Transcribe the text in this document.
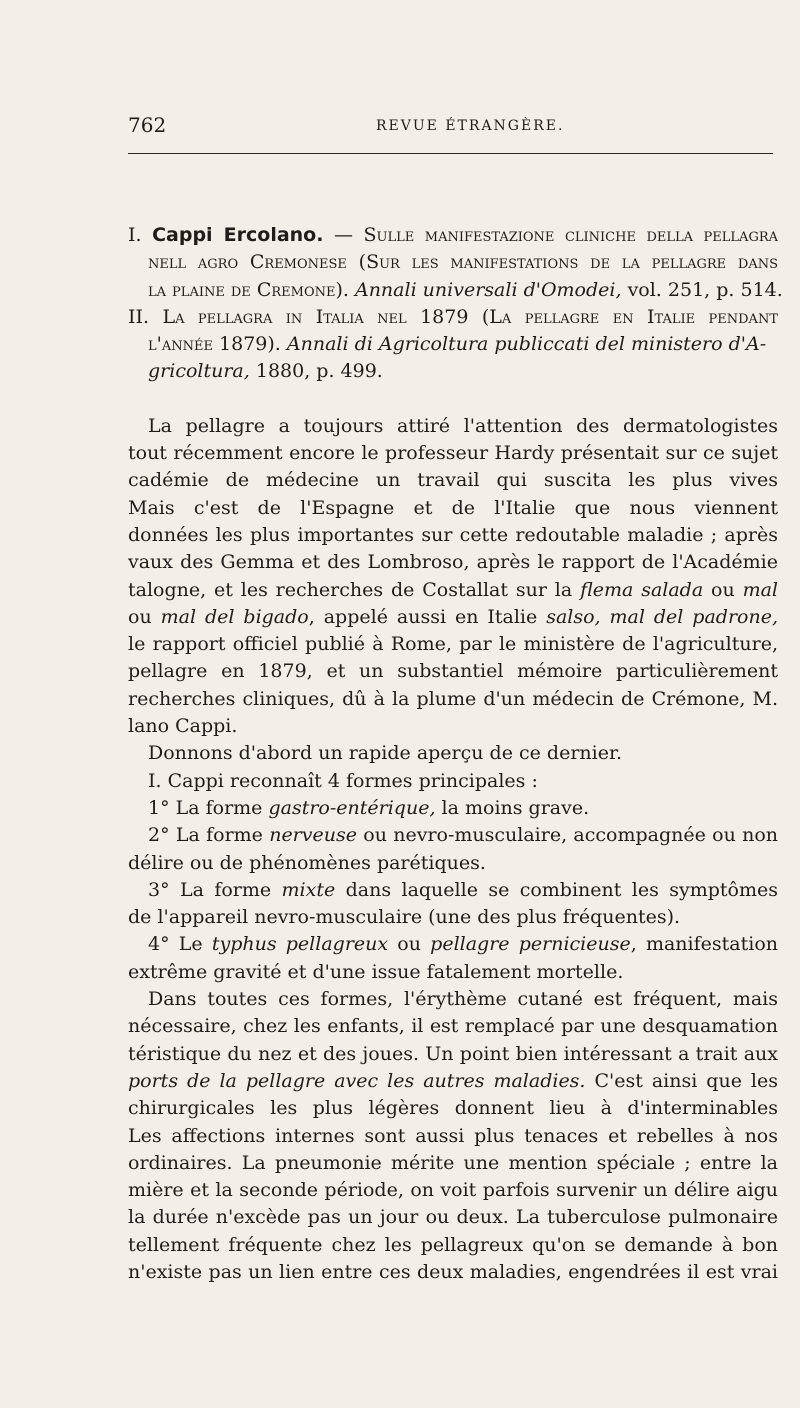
762	REVUE ÉTRANGÈRE.
I. Cappi Ercolano. — Sulle manifestazione cliniche della pellagra
nell agro Cremonese (Sur les manifestations de la pellagre dans
la plaine de Cremone). Annali universali d'Omodei, vol. 251, p. 514.
II. La pellagra in Italia nel 1879 (La pellagre en Italie pendant
l'année 1879). Annali di Agricoltura publiccati del ministero d'A-
gricoltura, 1880, p. 499.
La pellagre a toujours attiré l'attention des dermatologistes
tout récemment encore le professeur Hardy présentait sur ce sujet
cadémie de médecine un travail qui suscita les plus vives
Mais c'est de l'Espagne et de l'Italie que nous viennent
données les plus importantes sur cette redoutable maladie ; après
vaux des Gemma et des Lombroso, après le rapport de l'Académie
talogne, et les recherches de Costallat sur la flema salada ou mal
ou mal del bigado, appelé aussi en Italie salso, mal del padrone,
le rapport officiel publié à Rome, par le ministère de l'agriculture,
pellagre en 1879, et un substantiel mémoire particulièrement
recherches cliniques, dû à la plume d'un médecin de Crémone, M.
lano Cappi.
Donnons d'abord un rapide aperçu de ce dernier.
I. Cappi reconnaît 4 formes principales :
1° La forme gastro-entérique, la moins grave.
2° La forme nerveuse ou nevro-musculaire, accompagnée ou non
délire ou de phénomènes parétiques.
3° La forme mixte dans laquelle se combinent les symptômes
de l'appareil nevro-musculaire (une des plus fréquentes).
4° Le typhus pellagreux ou pellagre pernicieuse, manifestation
extrême gravité et d'une issue fatalement mortelle.
Dans toutes ces formes, l'érythème cutané est fréquent, mais
nécessaire, chez les enfants, il est remplacé par une desquamation
téristique du nez et des joues. Un point bien intéressant a trait aux
ports de la pellagre avec les autres maladies. C'est ainsi que les
chirurgicales les plus légères donnent lieu à d'interminables
Les affections internes sont aussi plus tenaces et rebelles à nos
ordinaires. La pneumonie mérite une mention spéciale ; entre la
mière et la seconde période, on voit parfois survenir un délire aigu
la durée n'excède pas un jour ou deux. La tuberculose pulmonaire
tellement fréquente chez les pellagreux qu'on se demande à bon
n'existe pas un lien entre ces deux maladies, engendrées il est vrai
